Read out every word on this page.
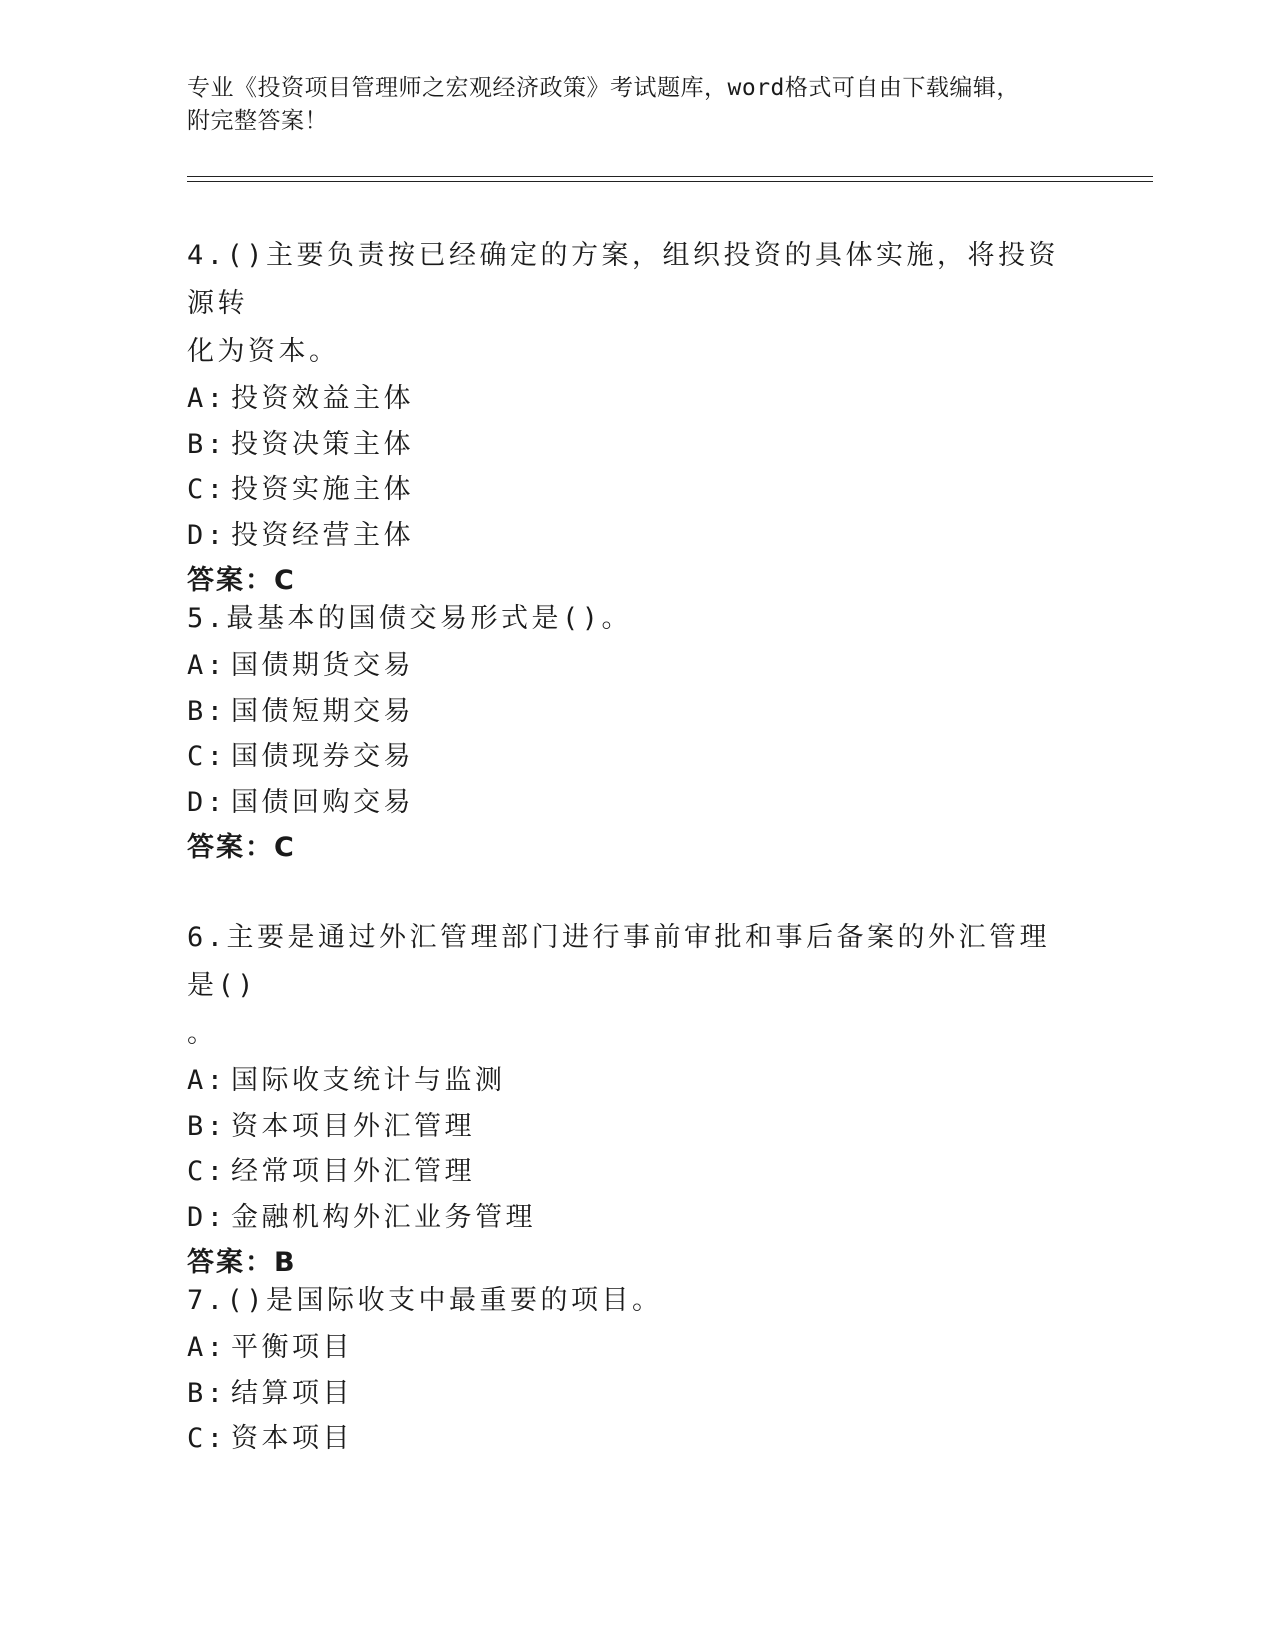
专业《投资项目管理师之宏观经济政策》考试题库，word格式可自由下载编辑，
附完整答案！

4.()主要负责按已经确定的方案，组织投资的具体实施，将投资源转
化为资本。

A: 投资效益主体

B: 投资决策主体

C: 投资实施主体

D: 投资经营主体

答案：C

5.最基本的国债交易形式是()。

A: 国债期货交易

B: 国债短期交易

C: 国债现券交易

D: 国债回购交易

答案：C

6.主要是通过外汇管理部门进行事前审批和事后备案的外汇管理是()
。

A: 国际收支统计与监测

B: 资本项目外汇管理

C: 经常项目外汇管理

D: 金融机构外汇业务管理

答案：B

7.()是国际收支中最重要的项目。

A: 平衡项目

B: 结算项目

C: 资本项目
